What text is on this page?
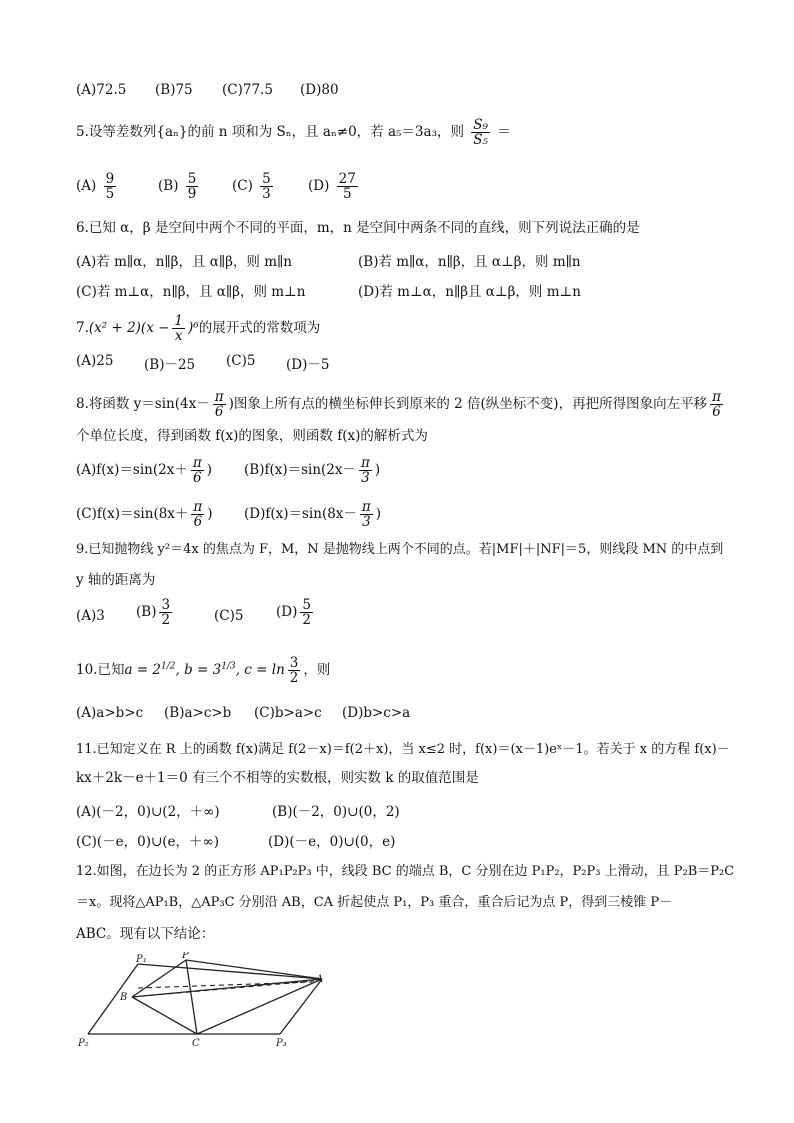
(A)72.5 (B)75 (C)77.5 (D)80
5.设等差数列{aₙ}的前 n 项和为 Sₙ，且 aₙ≠0，若 a₅＝3a₃，则 $\frac{\text{S₉}}{\text{S₅}}$ ＝
$(A) \frac{9}{5}$	$(B) \frac{5}{9} (C) \frac{5}{3}$	$(D) \frac{27}{5}$
6.已知 α，β 是空间中两个不同的平面，m，n 是空间中两条不同的直线，则下列说法正确的是
(A)若 m∥α，n∥β，且 α∥β，则 m∥n	(B)若 m∥α，n∥β，且 α⊥β，则 m∥n
(C)若 m⊥α，n∥β，且 α∥β，则 m⊥n	(D)若 m⊥α，n∥β且 α⊥β，则 m⊥n
$7.(x^2 + 2)(x - \frac{1}{x} )^6$的展开式的常数项为
(A)25 (B)－25 (C)5 (D)－5
8.将函数 $y=\sin(4x- \frac{\pi}{6}$ )图象上所有点的横坐标伸长到原来的 2 倍(纵坐标不变)，再把所得图象向左平移 $\frac{\pi}{6}$
个单位长度，得到函数 f(x)的图象，则函数 f(x)的解析式为
$(A)f(x)=\sin(2x+ \frac{\pi}{6}$ ) $(B)f(x)=\sin(2x- \frac{\pi}{3}$ )
$(C)f(x)=\sin(8x+ \frac{\pi}{6}$ ) $(D)f(x)=\sin(8x- \frac{\pi}{3}$ )
9.已知抛物线 y²＝4x 的焦点为 F，M，N 是抛物线上两个不同的点。若|MF|＋|NF|＝5，则线段 MN 的中点到
y 轴的距离为
(A)3 $(B) \frac{3}{2}$	(C)5 $(D) \frac{5}{2}$
10.已知$a = 2^{1/2}$, $b = 3^{1/3}$, $c = \ln \frac{3}{2}$ ，则
(A)a>b>c (B)a>c>b (C)b>a>c (D)b>c>a
11.已知定义在 R 上的函数 f(x)满足 f(2－x)＝f(2＋x)，当 x≤2 时，f(x)＝(x－1)eˣ－1。若关于 x 的方程 f(x)－
kx＋2k－e＋1＝0 有三个不相等的实数根，则实数 k 的取值范围是
(A)(－2，0)∪(2，＋∞)	(B)(－2，0)∪(0，2)
(C)(－e，0)∪(e，＋∞)	(D)(－e，0)∪(0，e)
12.如图，在边长为 2 的正方形 AP₁P₂P₃ 中，线段 BC 的端点 B，C 分别在边 P₁P₂，P₂P₃ 上滑动，且 P₂B＝P₂C
＝x。现将△AP₁B，△AP₃C 分别沿 AB，CA 折起使点 P₁，P₃ 重合，重合后记为点 P，得到三棱锥 P－
ABC。现有以下结论：
P₁	P
A
B
C
P₂	P₃
